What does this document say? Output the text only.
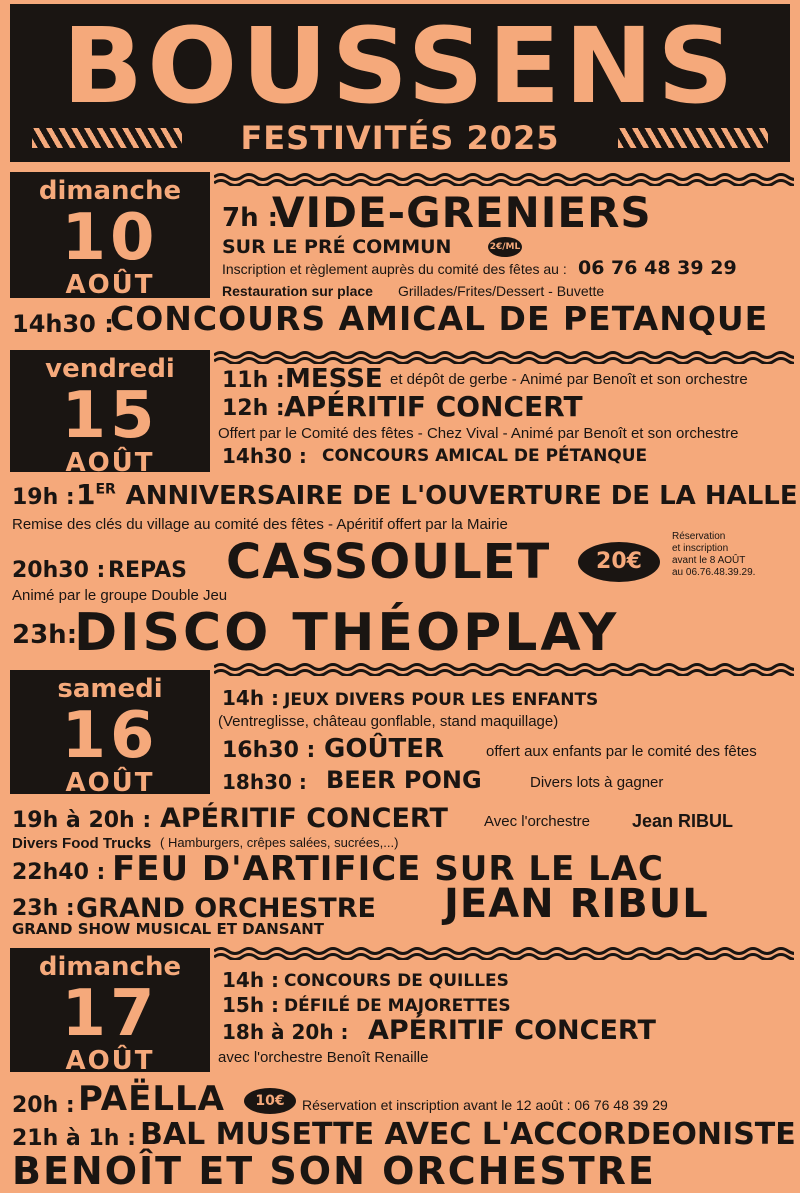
BOUSSENS
FESTIVITÉS 2025
dimanche
10
AOÛT
7h :
VIDE-GRENIERS
SUR LE PRÉ COMMUN	2€/ML
Inscription et règlement auprès du comité des fêtes au : 06 76 48 39 29
Restauration sur place Grillades/Frites/Dessert - Buvette
14h30 :
CONCOURS AMICAL DE PETANQUE
vendredi
15
AOÛT
11h : MESSE et dépôt de gerbe - Animé par Benoît et son orchestre
12h : APÉRITIF CONCERT
Offert par le Comité des fêtes - Chez Vival - Animé par Benoît et son orchestre
14h30 : CONCOURS AMICAL DE PÉTANQUE
19h : 1ER ANNIVERSAIRE DE L'OUVERTURE DE LA HALLE
Remise des clés du village au comité des fêtes - Apéritif offert par la Mairie
20h30 : REPAS CASSOULET	20€
Réservation
et inscription
avant le 8 AOÛT
au 06.76.48.39.29.
Animé par le groupe Double Jeu
23h:
DISCO THÉOPLAY
samedi
16
AOÛT
14h : JEUX DIVERS POUR LES ENFANTS
(Ventreglisse, château gonflable, stand maquillage)
16h30 : GOÛTER	offert aux enfants par le comité des fêtes
18h30 : BEER PONG	Divers lots à gagner
19h à 20h : APÉRITIF CONCERT Avec l'orchestre Jean RIBUL
Divers Food Trucks ( Hamburgers, crêpes salées, sucrées,...)
22h40 : FEU D'ARTIFICE SUR LE LAC
23h : GRAND ORCHESTRE JEAN RIBUL
GRAND SHOW MUSICAL ET DANSANT
dimanche
17
AOÛT
14h : CONCOURS DE QUILLES
15h : DÉFILÉ DE MAJORETTES
18h à 20h : APÉRITIF CONCERT
avec l'orchestre Benoît Renaille
20h : PAËLLA	10€	Réservation et inscription avant le 12 août : 06 76 48 39 29
21h à 1h : BAL MUSETTE AVEC L'ACCORDEONISTE
BENOÎT ET SON ORCHESTRE
